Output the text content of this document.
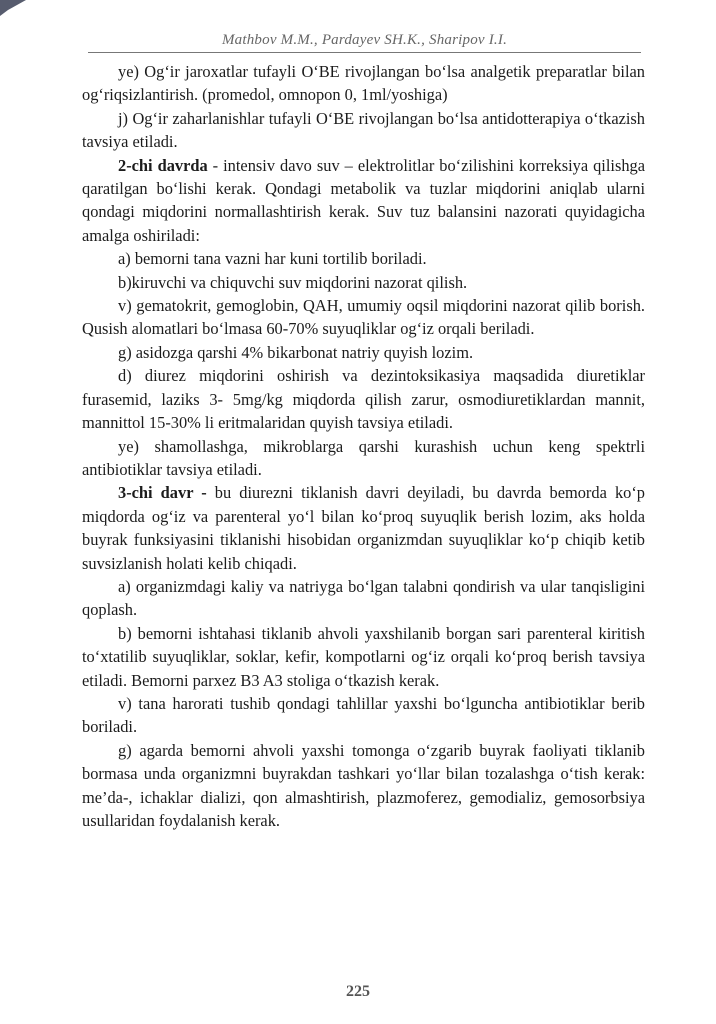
Mathbov M.M., Pardayev SH.K., Sharipov I.I.

ye) Og‘ir jaroxatlar tufayli O‘BE rivojlangan bo‘lsa analgetik preparatlar bilan og‘riqsizlantirish. (promedol, omnopon 0, 1ml/yoshiga)

j) Og‘ir zaharlanishlar tufayli O‘BE rivojlangan bo‘lsa antidotterapiya o‘tkazish tavsiya etiladi.

2-chi davrda - intensiv davo suv – elektrolitlar bo‘zilishini korreksiya qilishga qaratilgan bo‘lishi kerak. Qondagi metabolik va tuzlar miqdorini aniqlab ularni qondagi miqdorini normallashtirish kerak. Suv tuz balansini nazorati quyidagicha amalga oshiriladi:

a) bemorni tana vazni har kuni tortilib boriladi.

b)kiruvchi va chiquvchi suv miqdorini nazorat qilish.

v) gematokrit, gemoglobin, QAH, umumiy oqsil miqdorini nazorat qilib borish. Qusish alomatlari bo‘lmasa 60-70% suyuqliklar og‘iz orqali beriladi.

g) asidozga qarshi 4% bikarbonat natriy quyish lozim.

d) diurez miqdorini oshirish va dezintoksikasiya maqsadida diuretiklar furasemid, laziks 3- 5mg/kg miqdorda qilish zarur, osmodiuretiklardan mannit, mannittol 15-30% li eritmalaridan quyish tavsiya etiladi.

ye) shamollashga, mikroblarga qarshi kurashish uchun keng spektrli antibiotiklar tavsiya etiladi.

3-chi davr - bu diurezni tiklanish davri deyiladi, bu davrda bemorda ko‘p miqdorda og‘iz va parenteral yo‘l bilan ko‘proq suyuqlik berish lozim, aks holda buyrak funksiyasini tiklanishi hisobidan organizmdan suyuqliklar ko‘p chiqib ketib suvsizlanish holati kelib chiqadi.

a) organizmdagi kaliy va natriyga bo‘lgan talabni qondirish va ular tanqisligini qoplash.

b) bemorni ishtahasi tiklanib ahvoli yaxshilanib borgan sari parenteral kiritish to‘xtatilib suyuqliklar, soklar, kefir, kompotlarni og‘iz orqali ko‘proq berish tavsiya etiladi. Bemorni parxez B3 A3 stoliga o‘tkazish kerak.

v) tana harorati tushib qondagi tahlillar yaxshi bo‘lguncha antibiotiklar berib boriladi.

g) agarda bemorni ahvoli yaxshi tomonga o‘zgarib buyrak faoliyati tiklanib bormasa unda organizmni buyrakdan tashkari yo‘llar bilan tozalashga o‘tish kerak: me’da-, ichaklar dializi, qon almashtirish, plazmoferez, gemodializ, gemosorbsiya usullaridan foydalanish kerak.

225
